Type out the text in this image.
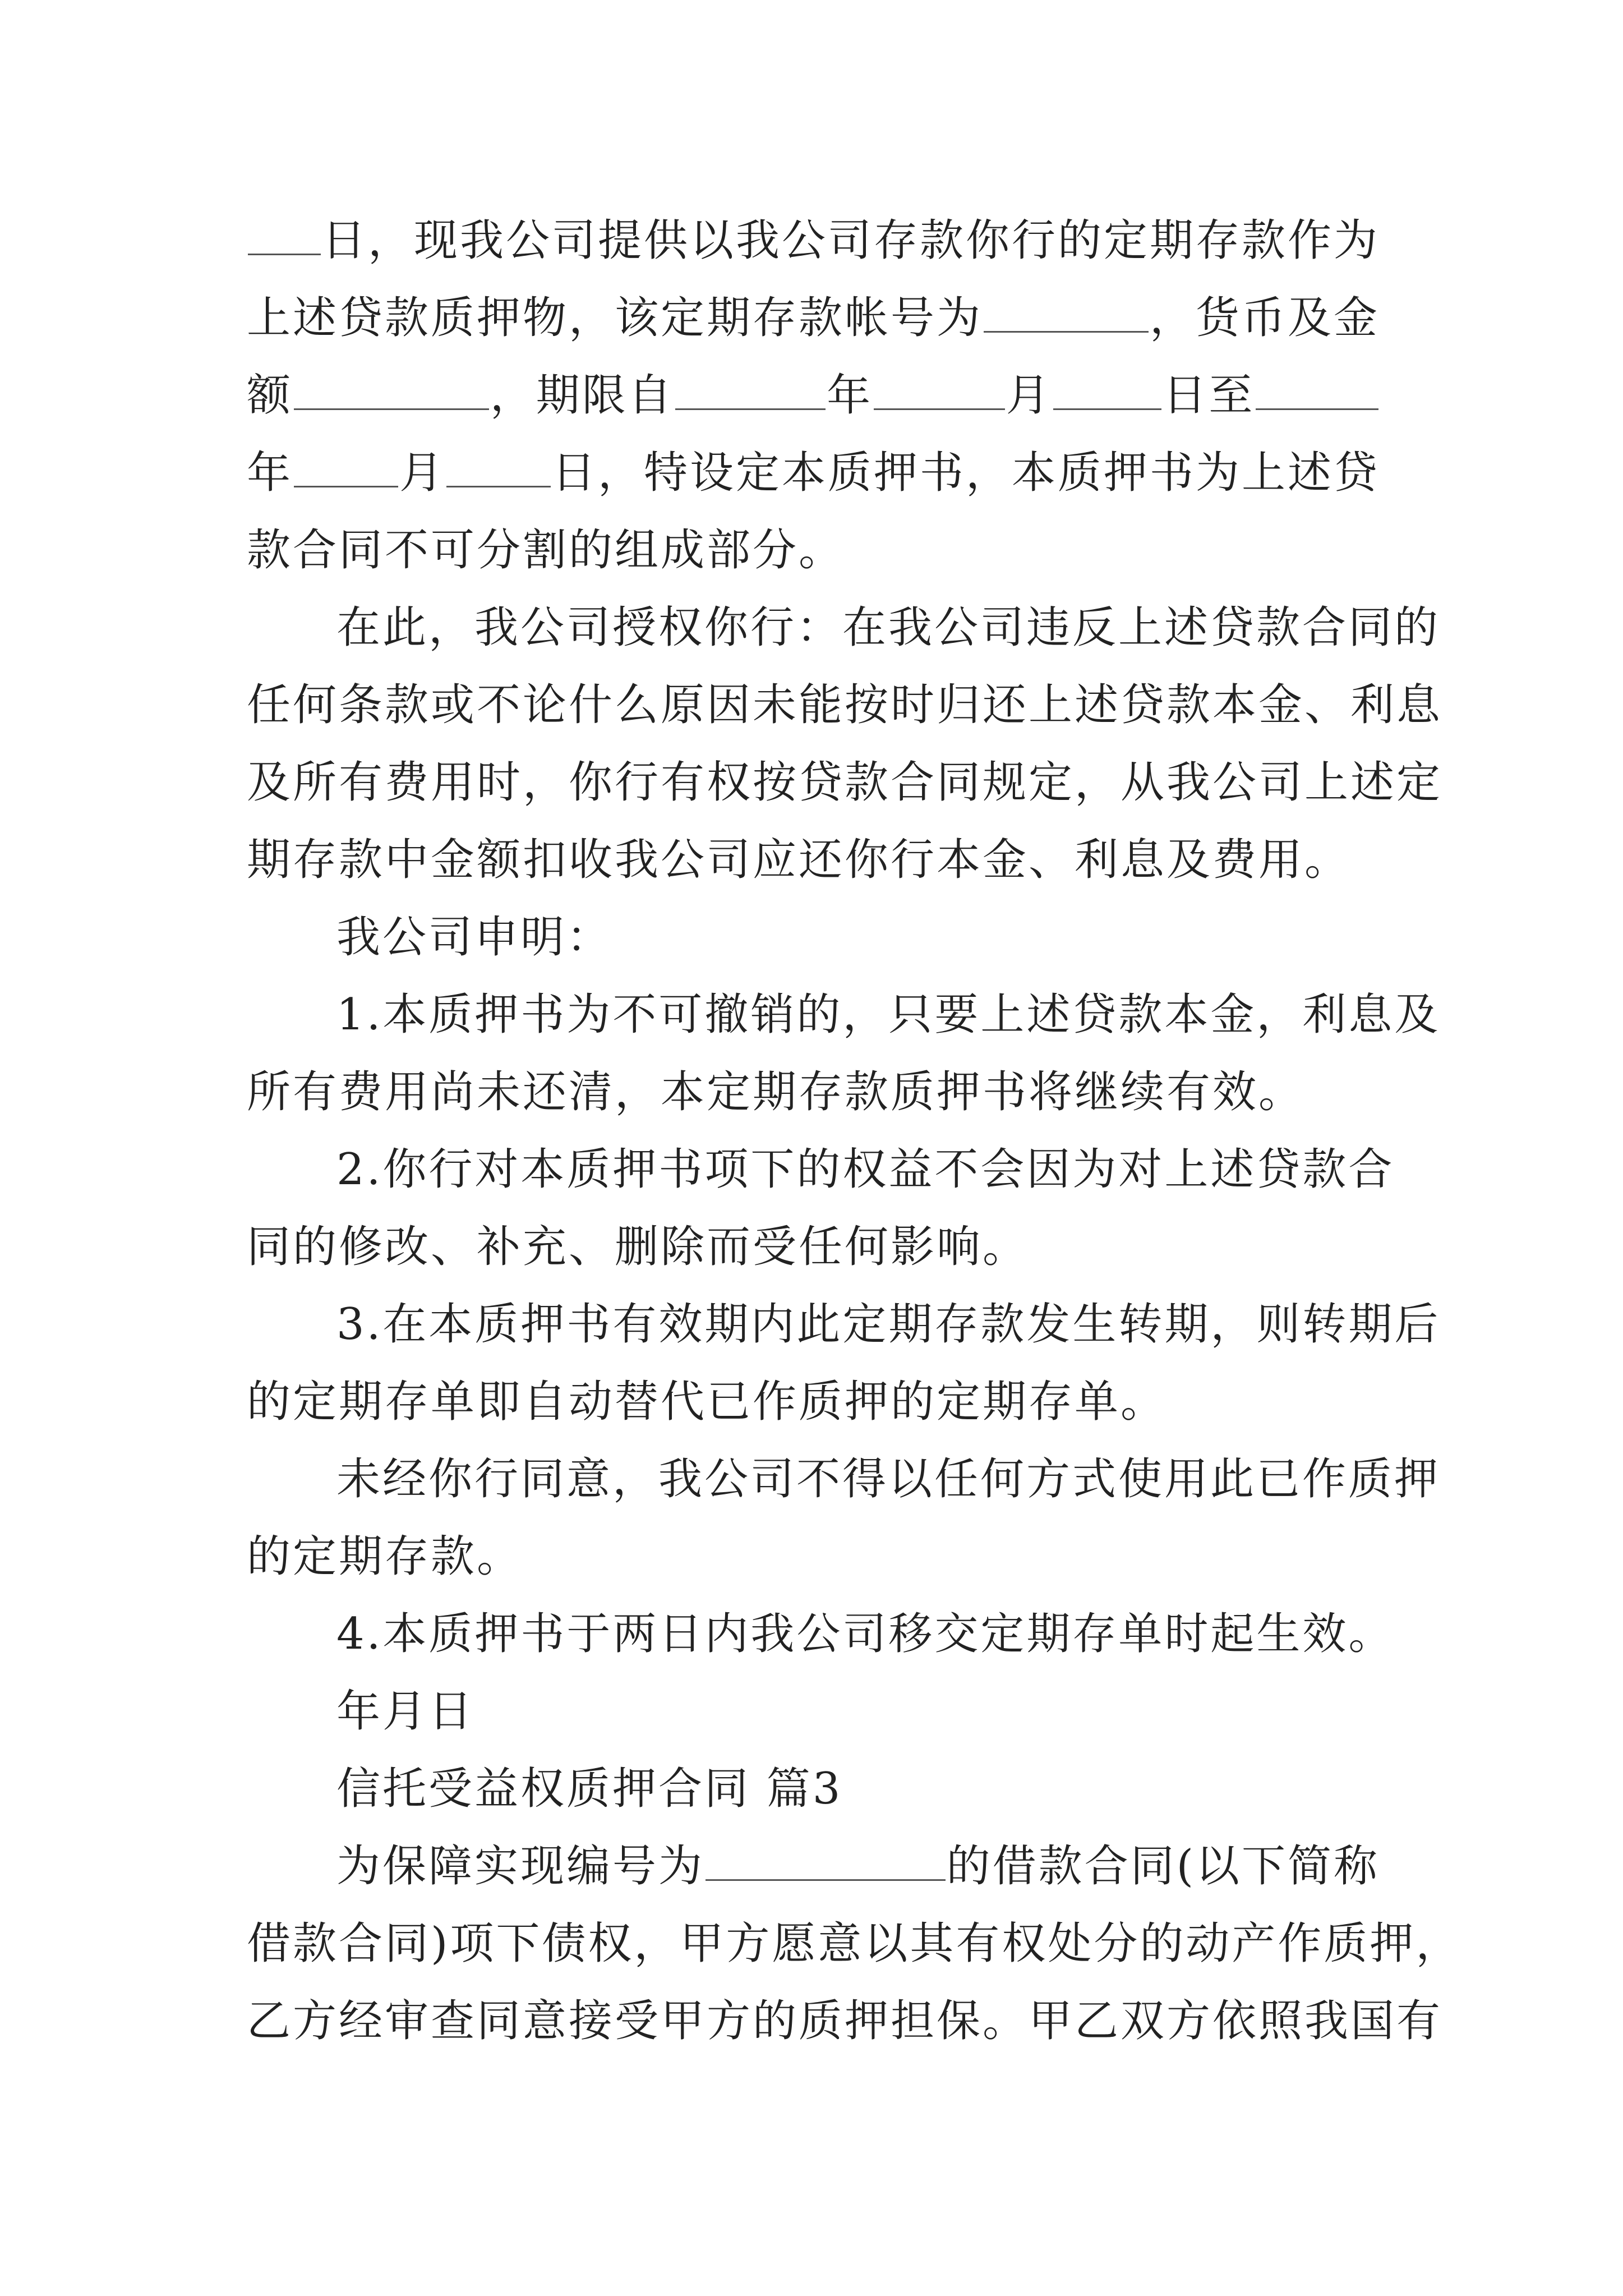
日，现我公司提供以我公司存款你行的定期存款作为
上述贷款质押物，该定期存款帐号为	，货币及金
额	，期限自	年	月	日至
年 月 日，特设定本质押书，本质押书为上述贷
款合同不可分割的组成部分。
在此，我公司授权你行：在我公司违反上述贷款合同的
任何条款或不论什么原因未能按时归还上述贷款本金、利息
及所有费用时，你行有权按贷款合同规定，从我公司上述定
期存款中金额扣收我公司应还你行本金、利息及费用。
我公司申明：
1.本质押书为不可撤销的，只要上述贷款本金，利息及
所有费用尚未还清，本定期存款质押书将继续有效。
2.你行对本质押书项下的权益不会因为对上述贷款合
同的修改、补充、删除而受任何影响。
3.在本质押书有效期内此定期存款发生转期，则转期后
的定期存单即自动替代已作质押的定期存单。
未经你行同意，我公司不得以任何方式使用此已作质押
的定期存款。
4.本质押书于两日内我公司移交定期存单时起生效。
年月日
信托受益权质押合同 篇3
为保障实现编号为	的借款合同(以下简称
借款合同)项下债权，甲方愿意以其有权处分的动产作质押，
乙方经审查同意接受甲方的质押担保。甲乙双方依照我国有
